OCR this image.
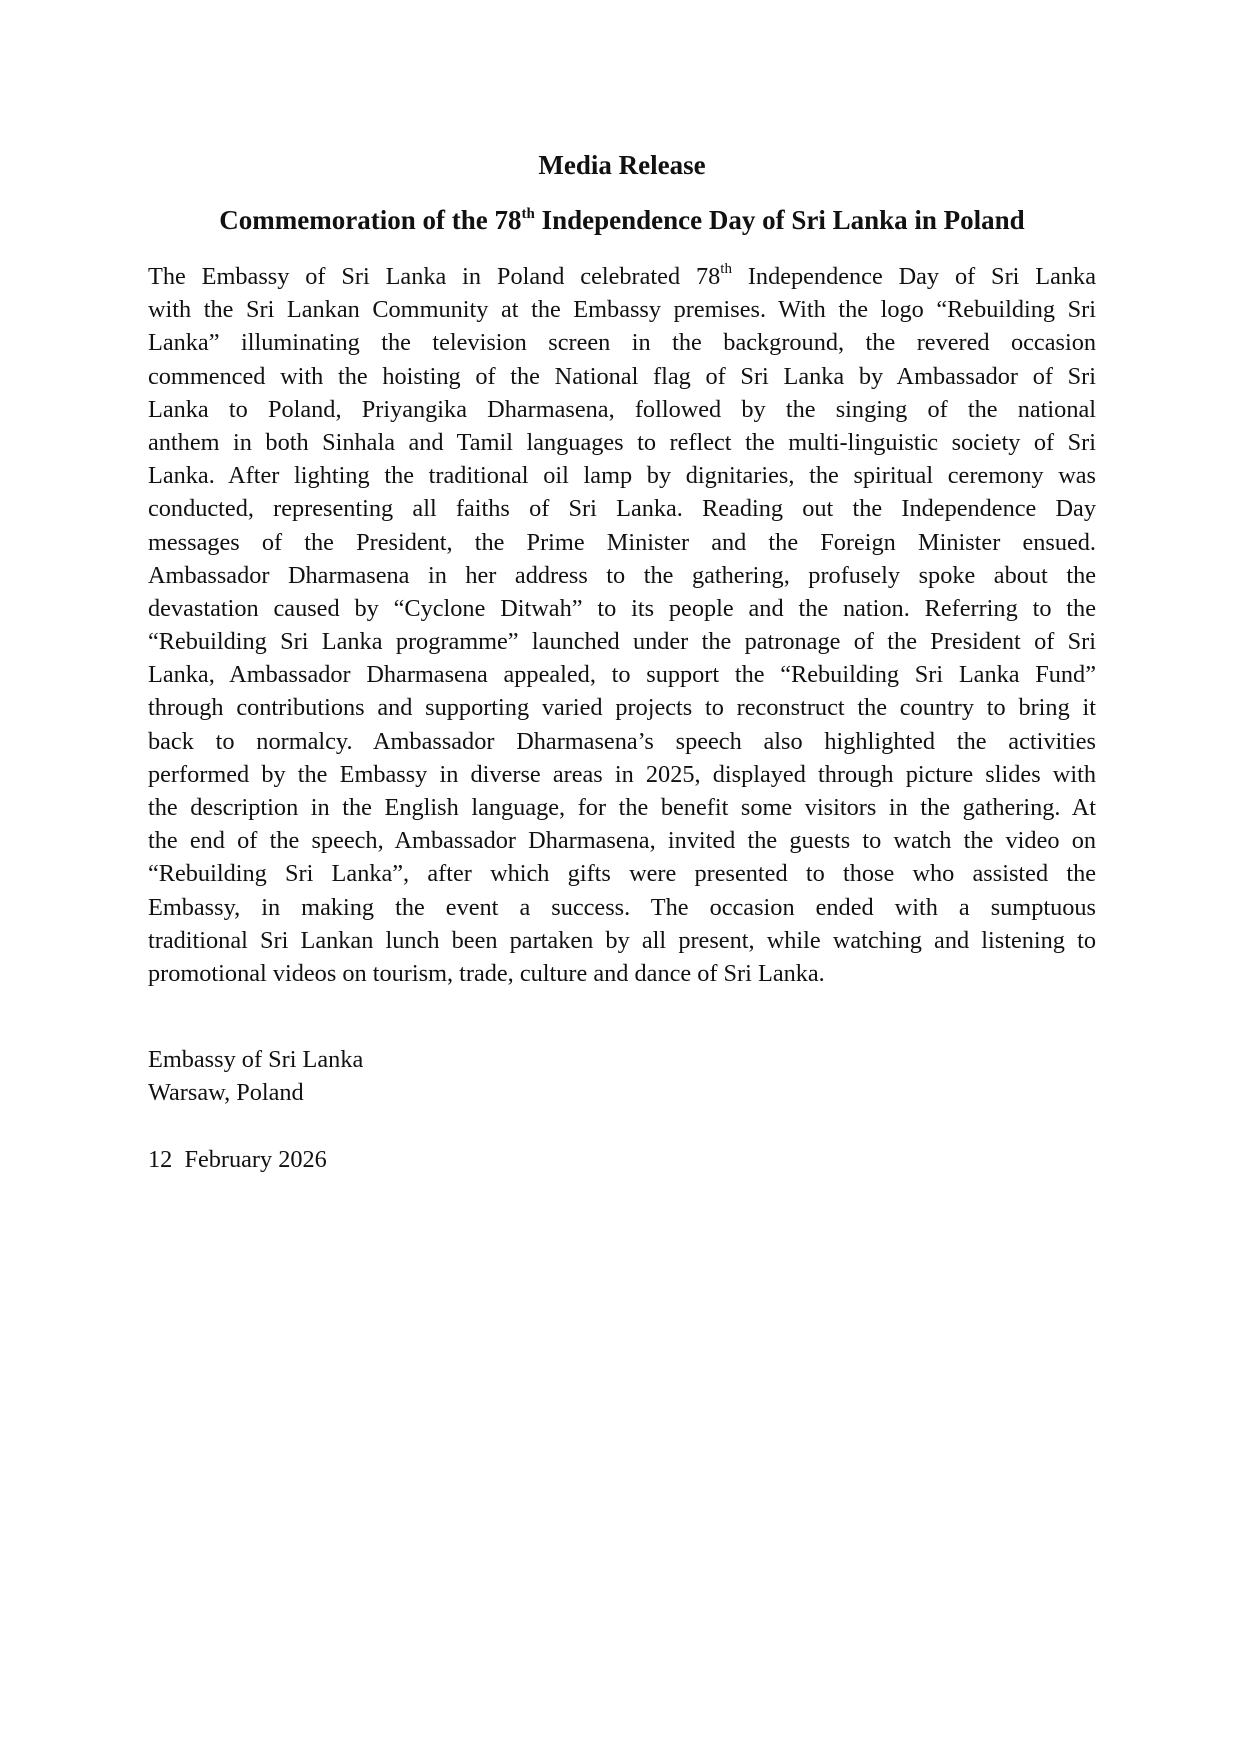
Media Release
Commemoration of the 78th Independence Day of Sri Lanka in Poland
The Embassy of Sri Lanka in Poland celebrated 78th Independence Day of Sri Lanka
with the Sri Lankan Community at the Embassy premises. With the logo “Rebuilding Sri
Lanka” illuminating the television screen in the background, the revered occasion
commenced with the hoisting of the National flag of Sri Lanka by Ambassador of Sri
Lanka to Poland, Priyangika Dharmasena, followed by the singing of the national
anthem in both Sinhala and Tamil languages to reflect the multi-linguistic society of Sri
Lanka. After lighting the traditional oil lamp by dignitaries, the spiritual ceremony was
conducted, representing all faiths of Sri Lanka. Reading out the Independence Day
messages of the President, the Prime Minister and the Foreign Minister ensued.
Ambassador Dharmasena in her address to the gathering, profusely spoke about the
devastation caused by “Cyclone Ditwah” to its people and the nation. Referring to the
“Rebuilding Sri Lanka programme” launched under the patronage of the President of Sri
Lanka, Ambassador Dharmasena appealed, to support the “Rebuilding Sri Lanka Fund”
through contributions and supporting varied projects to reconstruct the country to bring it
back to normalcy. Ambassador Dharmasena’s speech also highlighted the activities
performed by the Embassy in diverse areas in 2025, displayed through picture slides with
the description in the English language, for the benefit some visitors in the gathering. At
the end of the speech, Ambassador Dharmasena, invited the guests to watch the video on
“Rebuilding Sri Lanka”, after which gifts were presented to those who assisted the
Embassy, in making the event a success. The occasion ended with a sumptuous
traditional Sri Lankan lunch been partaken by all present, while watching and listening to
promotional videos on tourism, trade, culture and dance of Sri Lanka.
Embassy of Sri Lanka
Warsaw, Poland
12  February 2026
